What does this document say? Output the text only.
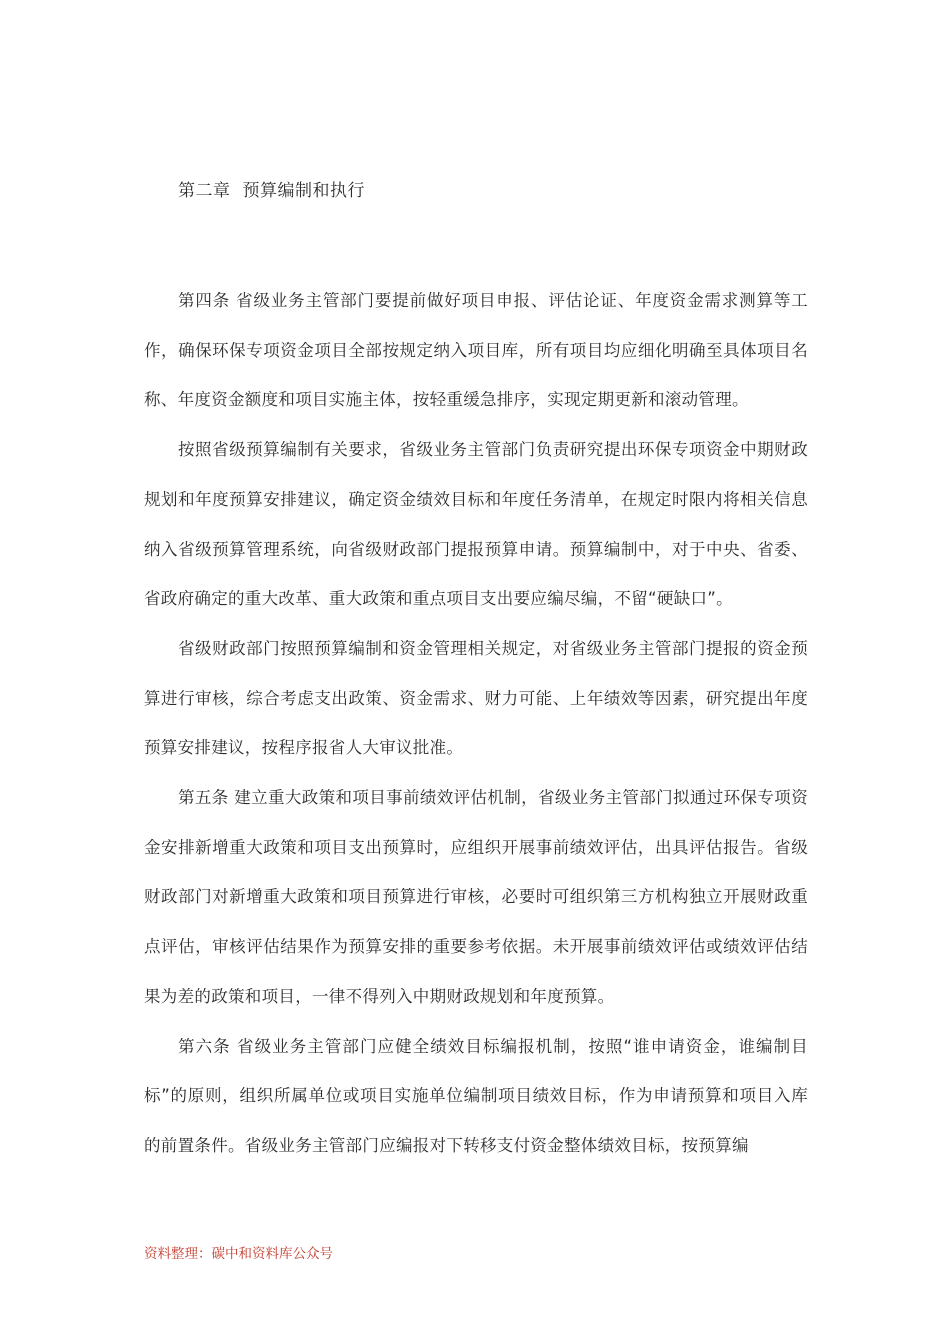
第二章 预算编制和执行

第四条 省级业务主管部门要提前做好项目申报、评估论证、年度资金需求测算等工作，确保环保专项资金项目全部按规定纳入项目库，所有项目均应细化明确至具体项目名称、年度资金额度和项目实施主体，按轻重缓急排序，实现定期更新和滚动管理。

按照省级预算编制有关要求，省级业务主管部门负责研究提出环保专项资金中期财政规划和年度预算安排建议，确定资金绩效目标和年度任务清单，在规定时限内将相关信息纳入省级预算管理系统，向省级财政部门提报预算申请。预算编制中，对于中央、省委、省政府确定的重大改革、重大政策和重点项目支出要应编尽编，不留“硬缺口”。

省级财政部门按照预算编制和资金管理相关规定，对省级业务主管部门提报的资金预算进行审核，综合考虑支出政策、资金需求、财力可能、上年绩效等因素，研究提出年度预算安排建议，按程序报省人大审议批准。

第五条 建立重大政策和项目事前绩效评估机制，省级业务主管部门拟通过环保专项资金安排新增重大政策和项目支出预算时，应组织开展事前绩效评估，出具评估报告。省级财政部门对新增重大政策和项目预算进行审核，必要时可组织第三方机构独立开展财政重点评估，审核评估结果作为预算安排的重要参考依据。未开展事前绩效评估或绩效评估结果为差的政策和项目，一律不得列入中期财政规划和年度预算。

第六条 省级业务主管部门应健全绩效目标编报机制，按照“谁申请资金，谁编制目标”的原则，组织所属单位或项目实施单位编制项目绩效目标，作为申请预算和项目入库的前置条件。省级业务主管部门应编报对下转移支付资金整体绩效目标，按预算编

资料整理：碳中和资料库公众号
